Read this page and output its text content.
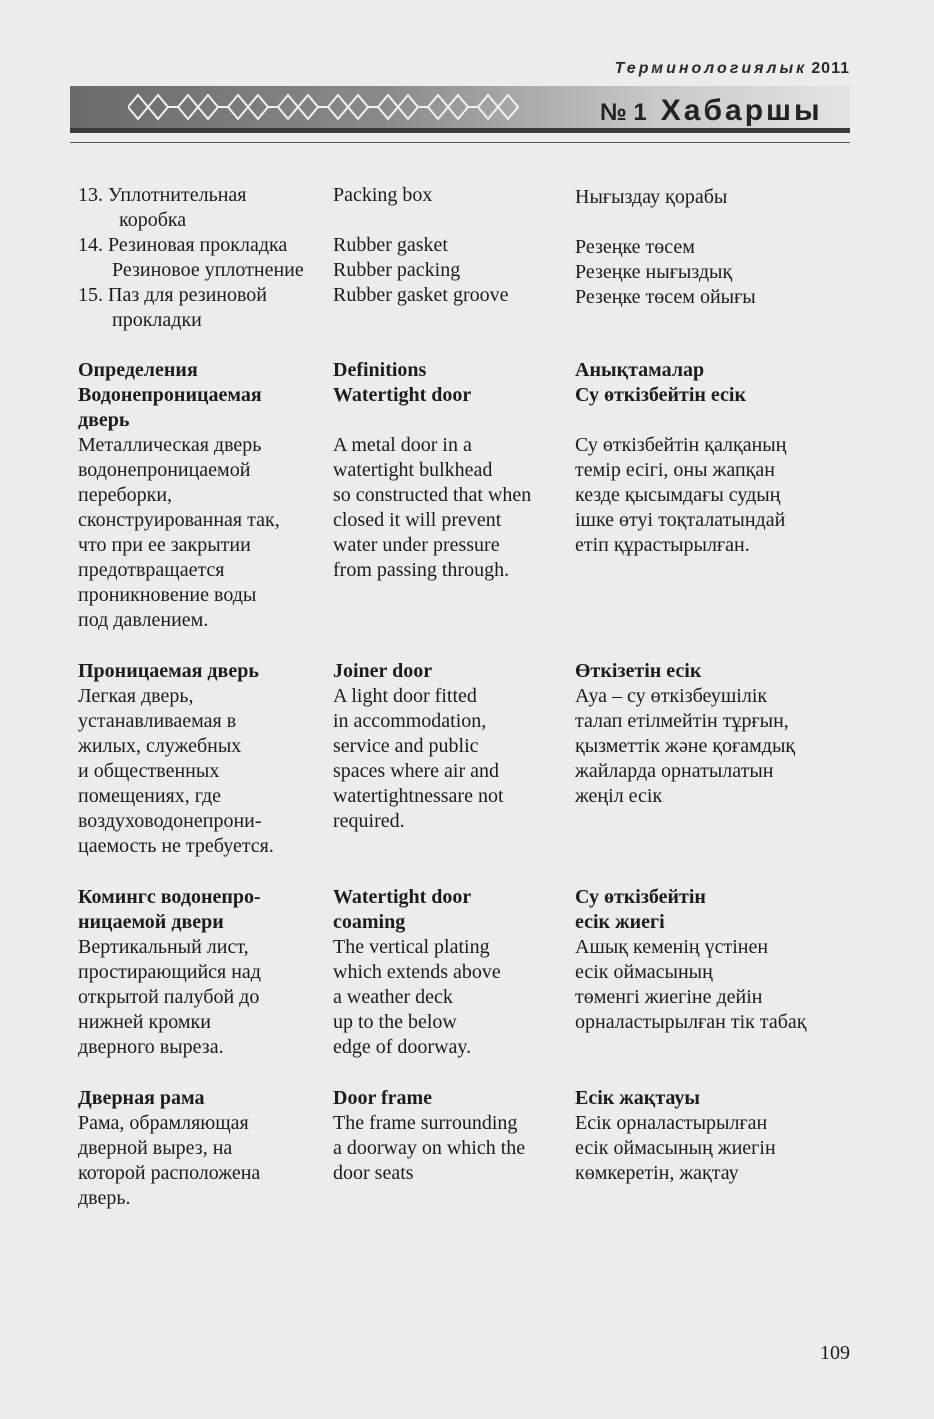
Терминологиялык 2011
№ 1 Хабаршы
13. Уплотнительная
коробка
Packing box	Нығыздау қорабы
14. Резиновая прокладка
Резиновое уплотнение
Rubber gasket
Rubber packing
Резеңке төсем
Резеңке нығыздық
15. Паз для резиновой
прокладки
Rubber gasket groove	Резеңке төсем ойығы
Определения
Водонепроницаемая
дверь
Металлическая дверь
водонепроницаемой
переборки,
сконструированная так,
что при ее закрытии
предотвращается
проникновение воды
под давлением.
Definitions
Watertight door

A metal door in a
watertight bulkhead
so constructed that when
closed it will prevent
water under pressure
from passing through.
Анықтамалар
Су өткізбейтін есік

Су өткізбейтін қалқаның
темір есігі, оны жапқан
кезде қысымдағы судың
ішке өтуі тоқталатындай
етіп құрастырылған.
Проницаемая дверь
Легкая дверь,
устанавливаемая в
жилых, служебных
и общественных
помещениях, где
воздуховодонепрони-
цаемость не требуется.
Joiner door
A light door fitted
in accommodation,
service and public
spaces where air and
watertightnessare not
required.
Өткізетін есік
Ауа – су өткізбеушілік
талап етілмейтін тұрғын,
қызметтік және қоғамдық
жайларда орнатылатын
жеңіл есік
Комингс водонепро-
ницаемой двери
Вертикальный лист,
простирающийся над
открытой палубой до
нижней кромки
дверного выреза.
Watertight door
coaming
The vertical plating
which extends above
a weather deck
up to the below
edge of doorway.
Су өткізбейтін
есік жиегі
Ашық кеменің үстінен
есік оймасының
төменгі жиегіне дейін
орналастырылған тік табақ
Дверная рама
Рама, обрамляющая
дверной вырез, на
которой расположена
дверь.
Door frame
The frame surrounding
a doorway on which the
door seats
Есік жақтауы
Есік орналастырылған
есік оймасының жиегін
көмкеретін, жақтау
109
